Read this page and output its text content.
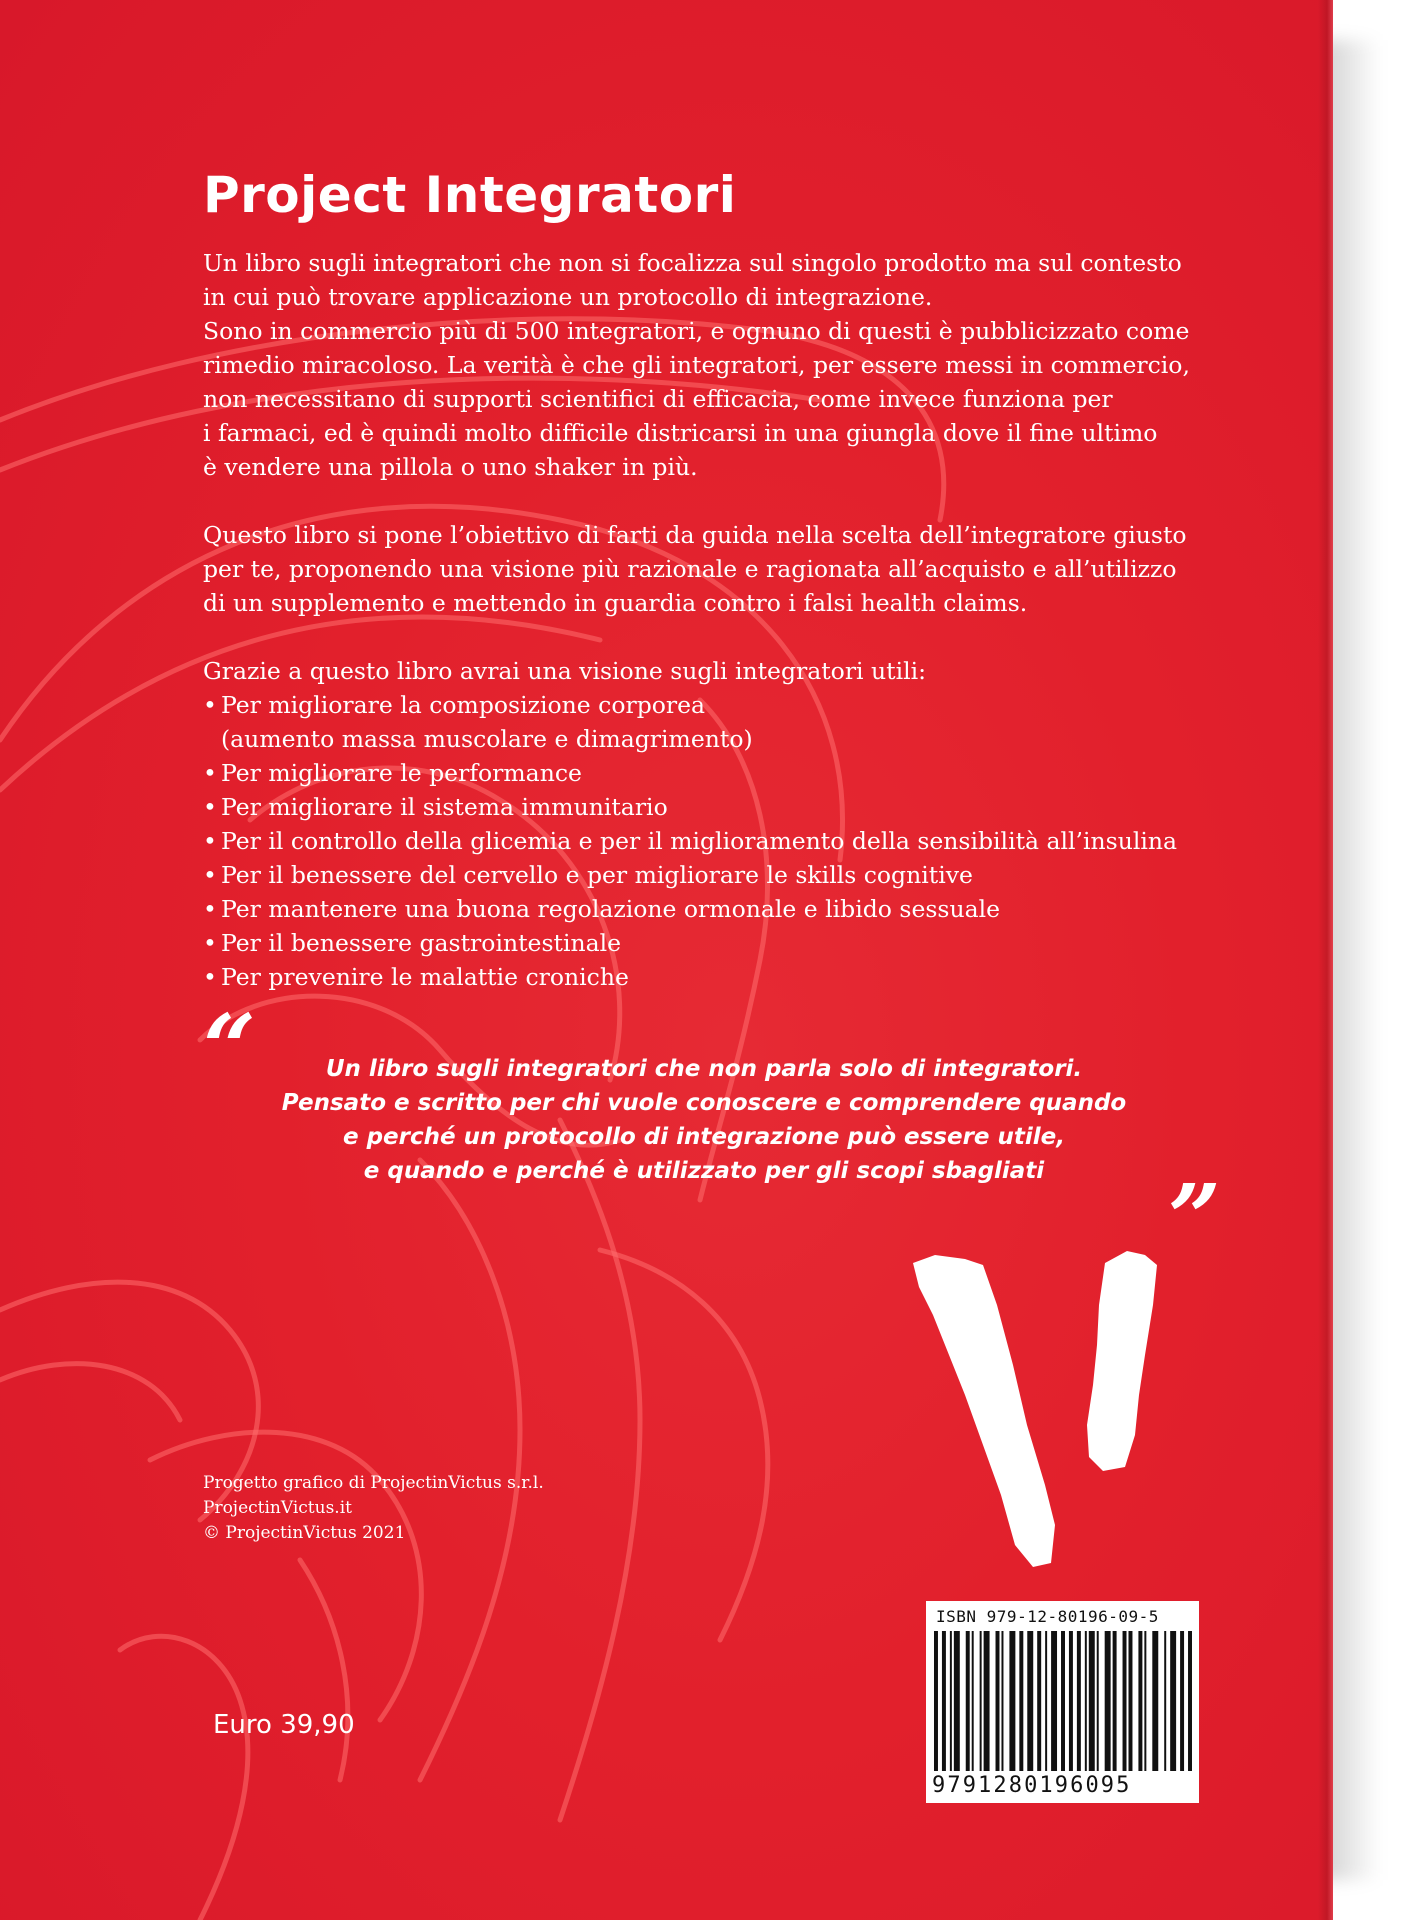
Project Integratori

Un libro sugli integratori che non si focalizza sul singolo prodotto ma sul contesto

in cui può trovare applicazione un protocollo di integrazione.

Sono in commercio più di 500 integratori, e ognuno di questi è pubblicizzato come

rimedio miracoloso. La verità è che gli integratori, per essere messi in commercio,

non necessitano di supporti scientifici di efficacia, come invece funziona per

i farmaci, ed è quindi molto difficile districarsi in una giungla dove il fine ultimo

è vendere una pillola o uno shaker in più.

Questo libro si pone l’obiettivo di farti da guida nella scelta dell’integratore giusto

per te, proponendo una visione più razionale e ragionata all’acquisto e all’utilizzo

di un supplemento e mettendo in guardia contro i falsi health claims.

Grazie a questo libro avrai una visione sugli integratori utili:

• Per migliorare la composizione corporea
(aumento massa muscolare e dimagrimento)
• Per migliorare le performance
• Per migliorare il sistema immunitario
• Per il controllo della glicemia e per il miglioramento della sensibilità all’insulina
• Per il benessere del cervello e per migliorare le skills cognitive
• Per mantenere una buona regolazione ormonale e libido sessuale
• Per il benessere gastrointestinale
• Per prevenire le malattie croniche
“	Un libro sugli integratori che non parla solo di integratori.

Pensato e scritto per chi vuole conoscere e comprendere quando

e perché un protocollo di integrazione può essere utile,

e quando e perché è utilizzato per gli scopi sbagliati	”

Progetto grafico di ProjectinVictus s.r.l.

ProjectinVictus.it

© ProjectinVictus 2021

Euro 39,90
ISBN 979-12-80196-09-5
9791280196095
